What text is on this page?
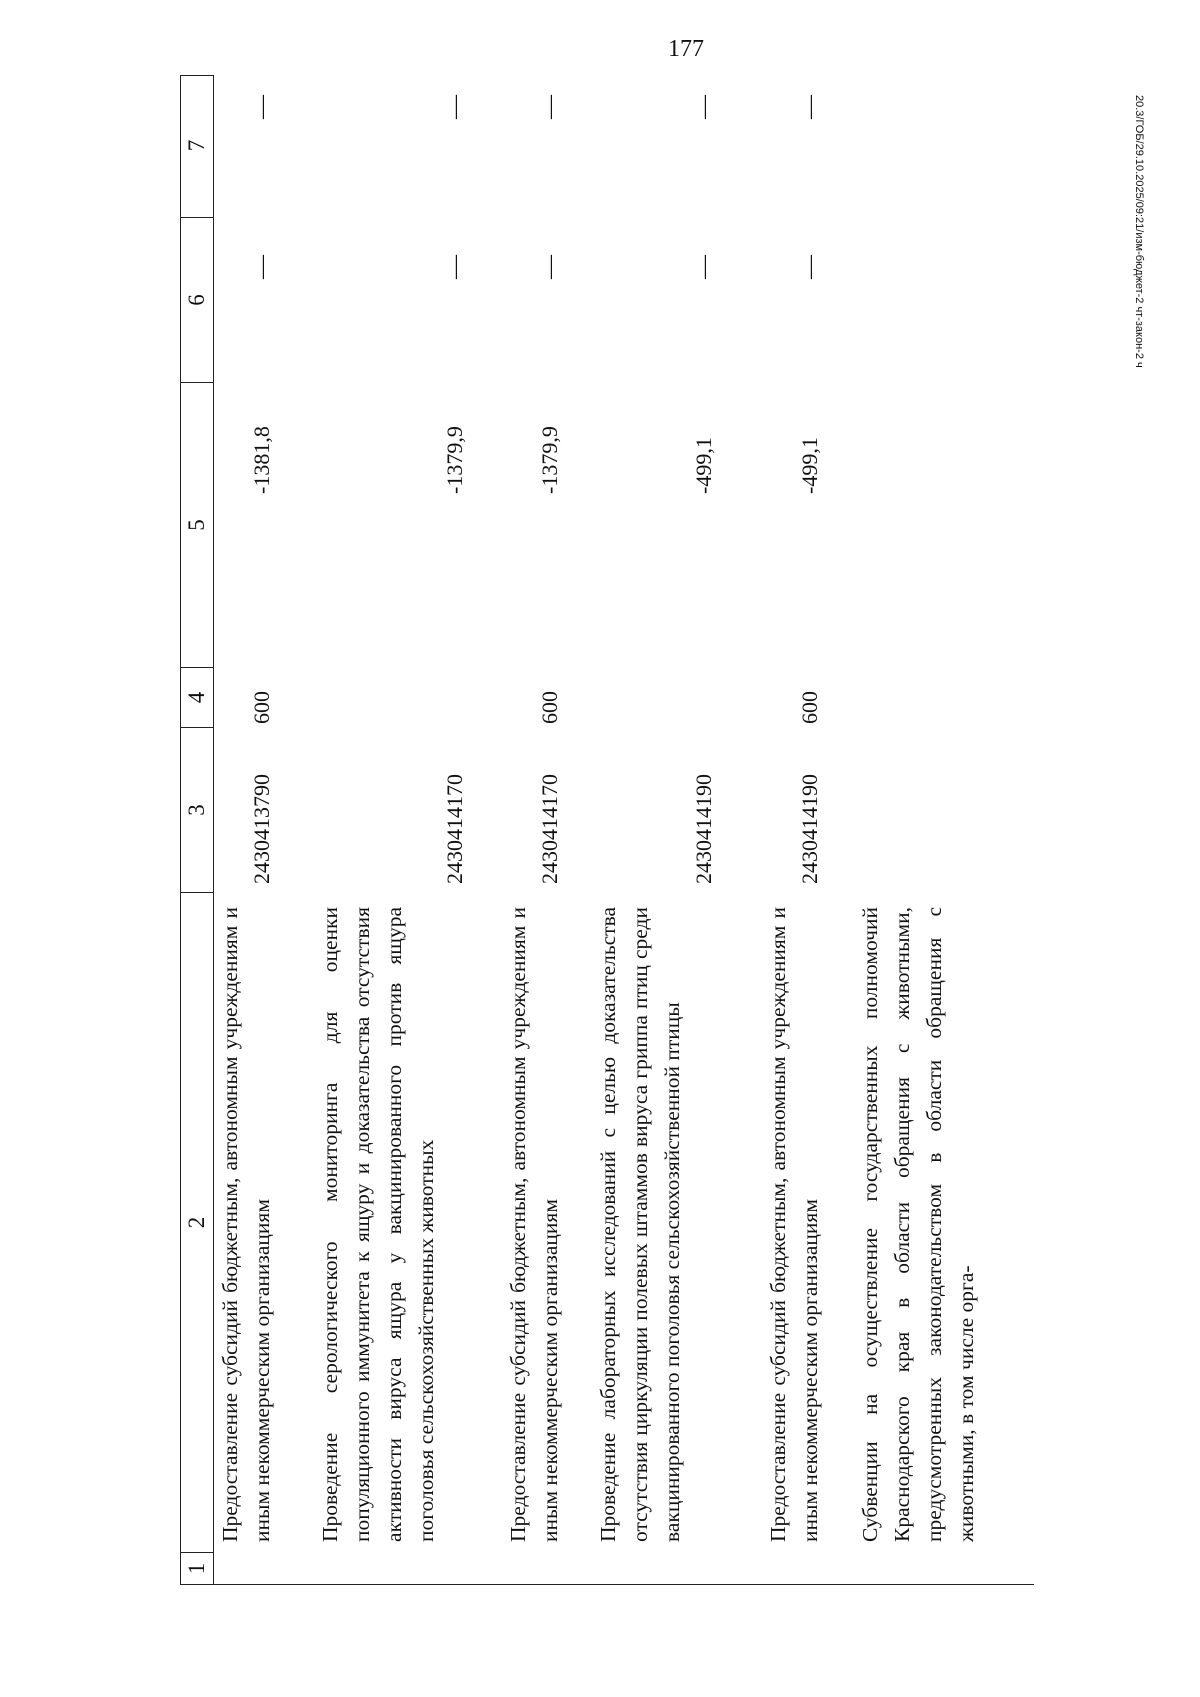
177
20.3/ГОБ/29.10.2025/09:21/изм-бюджет-2 чт-закон-2 ч
1
2
3
4
5
6
7
Предоставление субсидий бюджетным, автономным учреждениям и иным некоммерческим организациям
2430413790
600
-1381,8
—
—
Проведение серологического мониторинга для оценки популяционного иммунитета к ящуру и доказательства отсутствия активности вируса ящура у вакцинированного против ящура поголовья сельскохозяйственных животных
2430414170
-1379,9
—
—
Предоставление субсидий бюджетным, автономным учреждениям и иным некоммерческим организациям
2430414170
600
-1379,9
—
—
Проведение лабораторных исследований с целью доказательства отсутствия циркуляции полевых штаммов вируса гриппа птиц среди вакцинированного поголовья сельскохозяйственной птицы
2430414190
-499,1
—
—
Предоставление субсидий бюджетным, автономным учреждениям и иным некоммерческим организациям
2430414190
600
-499,1
—
—
Субвенции на осуществление государственных полномочий Краснодарского края в области обращения с животными, предусмотренных законодательством в области обращения с животными, в том числе орга-
